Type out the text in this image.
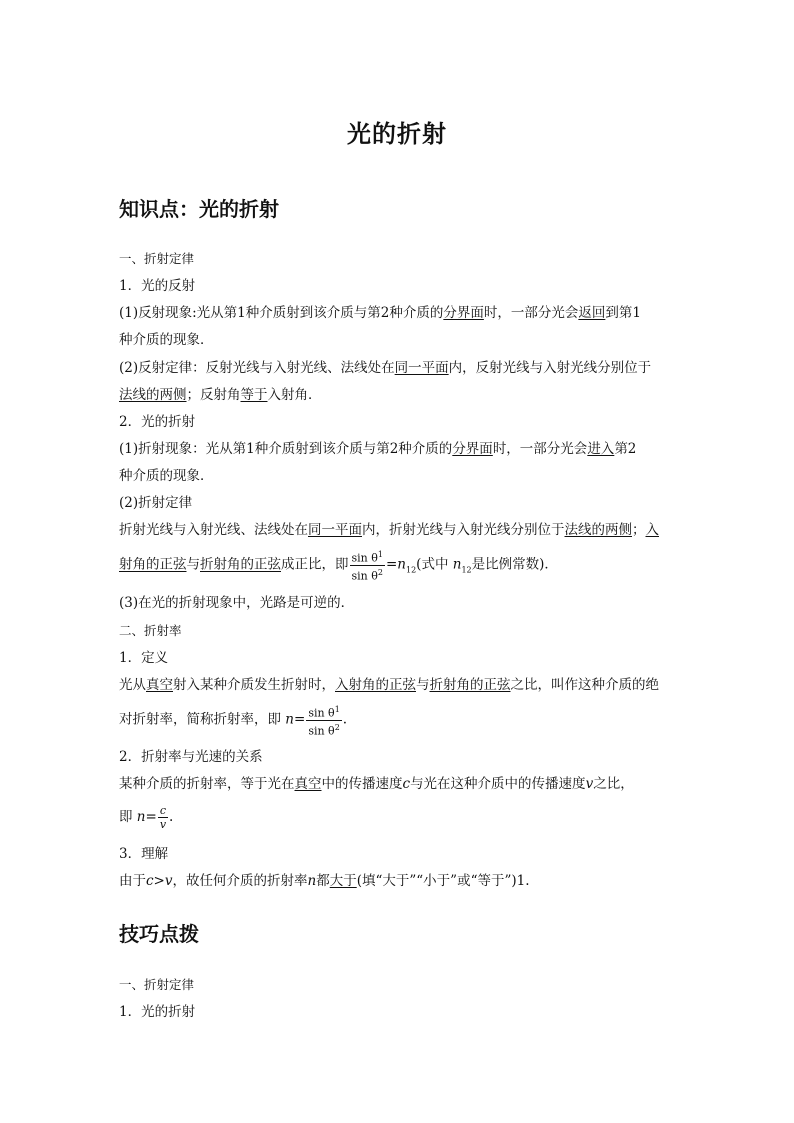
光的折射
知识点：光的折射
一、折射定律
1．光的反射
(1)反射现象:光从第1种介质射到该介质与第2种介质的分界面时，一部分光会返回到第1
种介质的现象．
(2)反射定律：反射光线与入射光线、法线处在同一平面内，反射光线与入射光线分别位于
法线的两侧；反射角等于入射角．
2．光的折射
(1)折射现象：光从第1种介质射到该介质与第2种介质的分界面时，一部分光会进入第2
种介质的现象．
(2)折射定律
折射光线与入射光线、法线处在同一平面内，折射光线与入射光线分别位于法线的两侧；入
射角的正弦与折射角的正弦成正比，即 $\frac{\sin \theta^1}{\sin \theta^2} =n_{12}$(式中 $n_{12}$是比例常数)．
(3)在光的折射现象中，光路是可逆的．
二、折射率
1．定义
光从真空射入某种介质发生折射时，入射角的正弦与折射角的正弦之比，叫作这种介质的绝
对折射率，简称折射率，即 $n= \frac{\sin \theta^1}{\sin \theta^2}$ .
2．折射率与光速的关系
某种介质的折射率，等于光在真空中的传播速度c与光在这种介质中的传播速度v之比，
即 $n= \frac{c}{v}$ .
3．理解
由于c>v，故任何介质的折射率n都大于(填“大于”“小于”或“等于”)1.
技巧点拨
一、折射定律
1．光的折射
